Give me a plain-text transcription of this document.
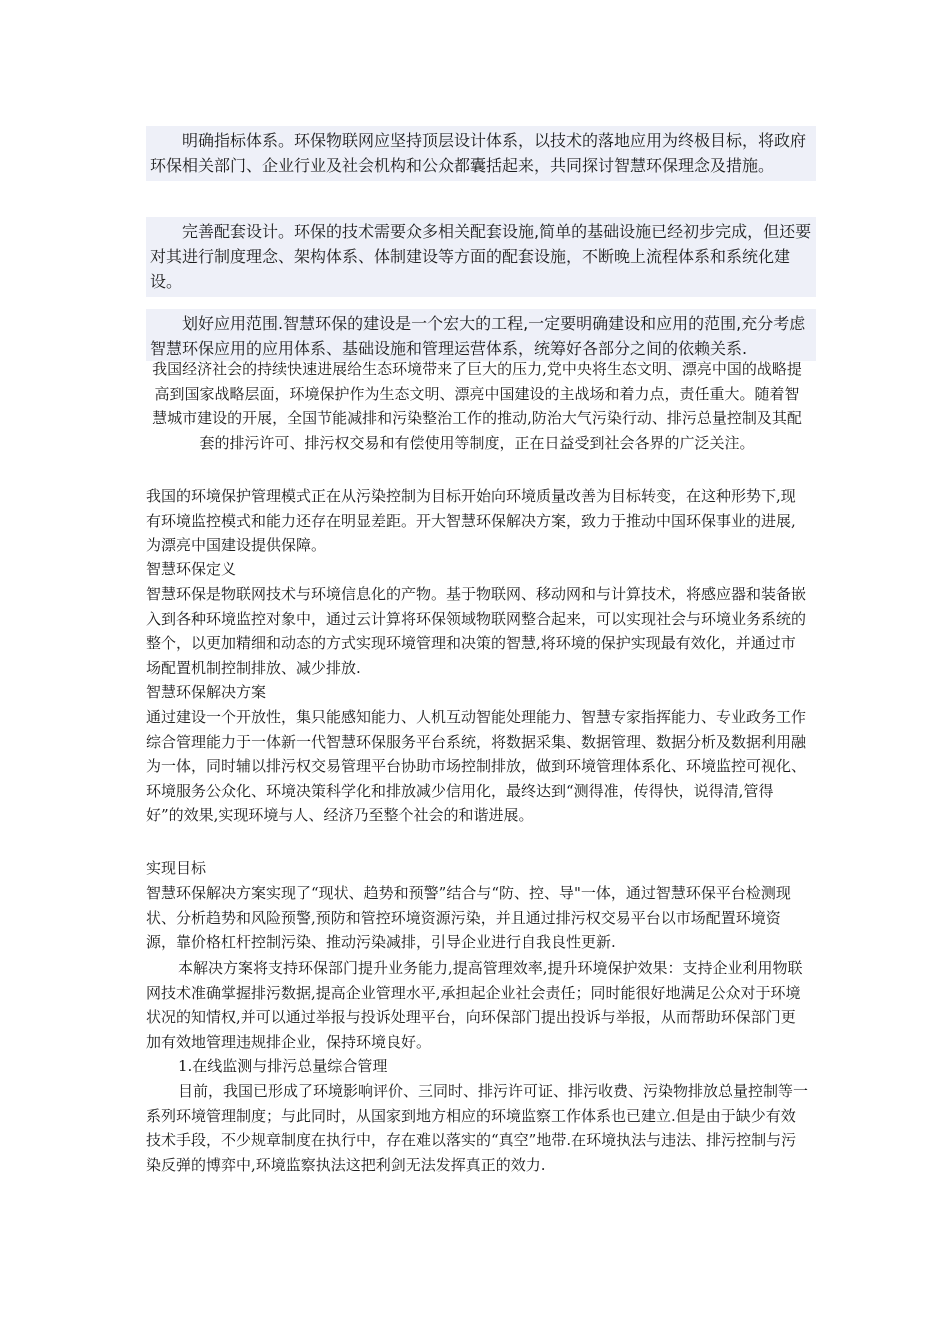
明确指标体系。环保物联网应坚持顶层设计体系，以技术的落地应用为终极目标，将政府环保相关部门、企业行业及社会机构和公众都囊括起来，共同探讨智慧环保理念及措施。

完善配套设计。环保的技术需要众多相关配套设施,简单的基础设施已经初步完成，但还要对其进行制度理念、架构体系、体制建设等方面的配套设施，不断晚上流程体系和系统化建设。

划好应用范围.智慧环保的建设是一个宏大的工程,一定要明确建设和应用的范围,充分考虑智慧环保应用的应用体系、基础设施和管理运营体系，统筹好各部分之间的依赖关系.

我国经济社会的持续快速进展给生态环境带来了巨大的压力,党中央将生态文明、漂亮中国的战略提高到国家战略层面，环境保护作为生态文明、漂亮中国建设的主战场和着力点，责任重大。随着智慧城市建设的开展，全国节能减排和污染整治工作的推动,防治大气污染行动、排污总量控制及其配套的排污许可、排污权交易和有偿使用等制度，正在日益受到社会各界的广泛关注。

我国的环境保护管理模式正在从污染控制为目标开始向环境质量改善为目标转变，在这种形势下,现有环境监控模式和能力还存在明显差距。开大智慧环保解决方案，致力于推动中国环保事业的进展,为漂亮中国建设提供保障。

智慧环保定义

智慧环保是物联网技术与环境信息化的产物。基于物联网、移动网和与计算技术，将感应器和装备嵌入到各种环境监控对象中，通过云计算将环保领域物联网整合起来，可以实现社会与环境业务系统的整个，以更加精细和动态的方式实现环境管理和决策的智慧,将环境的保护实现最有效化，并通过市场配置机制控制排放、减少排放.

智慧环保解决方案

通过建设一个开放性，集只能感知能力、人机互动智能处理能力、智慧专家指挥能力、专业政务工作综合管理能力于一体新一代智慧环保服务平台系统，将数据采集、数据管理、数据分析及数据利用融为一体，同时辅以排污权交易管理平台协助市场控制排放，做到环境管理体系化、环境监控可视化、环境服务公众化、环境决策科学化和排放减少信用化，最终达到“测得准，传得快，说得清,管得好”的效果,实现环境与人、经济乃至整个社会的和谐进展。

实现目标

智慧环保解决方案实现了“现状、趋势和预警”结合与“防、控、导"一体，通过智慧环保平台检测现状、分析趋势和风险预警,预防和管控环境资源污染，并且通过排污权交易平台以市场配置环境资源，靠价格杠杆控制污染、推动污染减排，引导企业进行自我良性更新.

本解决方案将支持环保部门提升业务能力,提高管理效率,提升环境保护效果：支持企业利用物联网技术准确掌握排污数据,提高企业管理水平,承担起企业社会责任；同时能很好地满足公众对于环境状况的知情权,并可以通过举报与投诉处理平台，向环保部门提出投诉与举报，从而帮助环保部门更加有效地管理违规排企业，保持环境良好。

1.在线监测与排污总量综合管理

目前，我国已形成了环境影响评价、三同时、排污许可证、排污收费、污染物排放总量控制等一系列环境管理制度；与此同时，从国家到地方相应的环境监察工作体系也已建立.但是由于缺少有效技术手段，不少规章制度在执行中，存在难以落实的“真空”地带.在环境执法与违法、排污控制与污染反弹的博弈中,环境监察执法这把利剑无法发挥真正的效力.
